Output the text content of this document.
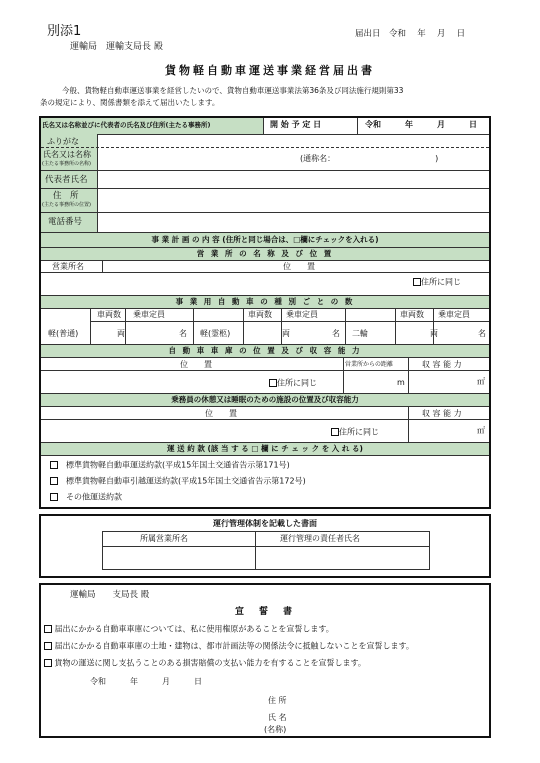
別添1
運輸局　運輸支局長 殿
届出日　令和　 年　 月　 日
貨物軽自動車運送事業経営届出書
今般、貨物軽自動車運送事業を経営したいので、貨物自動車運送事業法第36条及び同法施行規則第33
条の規定により、関係書類を添えて届出いたします。
氏名又は名称並びに代表者の氏名及び住所(主たる事務所)	開 始 予 定 日	令和　　　年　　　月　　　日
ふりがな
氏名又は名称
(主たる事務所の名称)
(通称名：　　　　　　　　　　　　　)
代表者氏名
住　所
(主たる事務所の位置)
電話番号
事 業 計 画 の 内 容 (住所と同じ場合は、□欄にチェックを入れる)
営 業 所 の 名 称 及 び 位 置
営業所名	位　　置
住所に同じ
事 業 用 自 動 車 の 種 別 ご と の 数
車両数 乗車定員	車両数 乗車定員	車両数 乗車定員
軽(普通)	両	名 軽(霊柩)	両	名 二輪	両	名
自 動 車 車 庫 の 位 置 及 び 収 容 能 力
位　　置	営業所からの距離	収 容 能 力
住所に同じ	m	㎡
乗務員の休憩又は睡眠のための施設の位置及び収容能力
位　　置	収 容 能 力
住所に同じ	㎡
運 送 約 款 (該 当 す る □ 欄 に チ ェ ッ ク を 入 れ る)
　標準貨物軽自動車運送約款(平成15年国土交通省告示第171号)
　標準貨物軽自動車引越運送約款(平成15年国土交通省告示第172号)
　その他運送約款
運行管理体制を記載した書面
所属営業所名	運行管理の責任者氏名
運輸局　　支局長 殿
宣　誓　書
届出にかかる自動車車庫については、私に使用権原があることを宣誓します。
届出にかかる自動車車庫の土地・建物は、都市計画法等の関係法令に抵触しないことを宣誓します。
貨物の運送に関し支払うことのある損害賠償の支払い能力を有することを宣誓します。
令和　　　年　　　月　　　日
住 所
氏 名
(名称)
